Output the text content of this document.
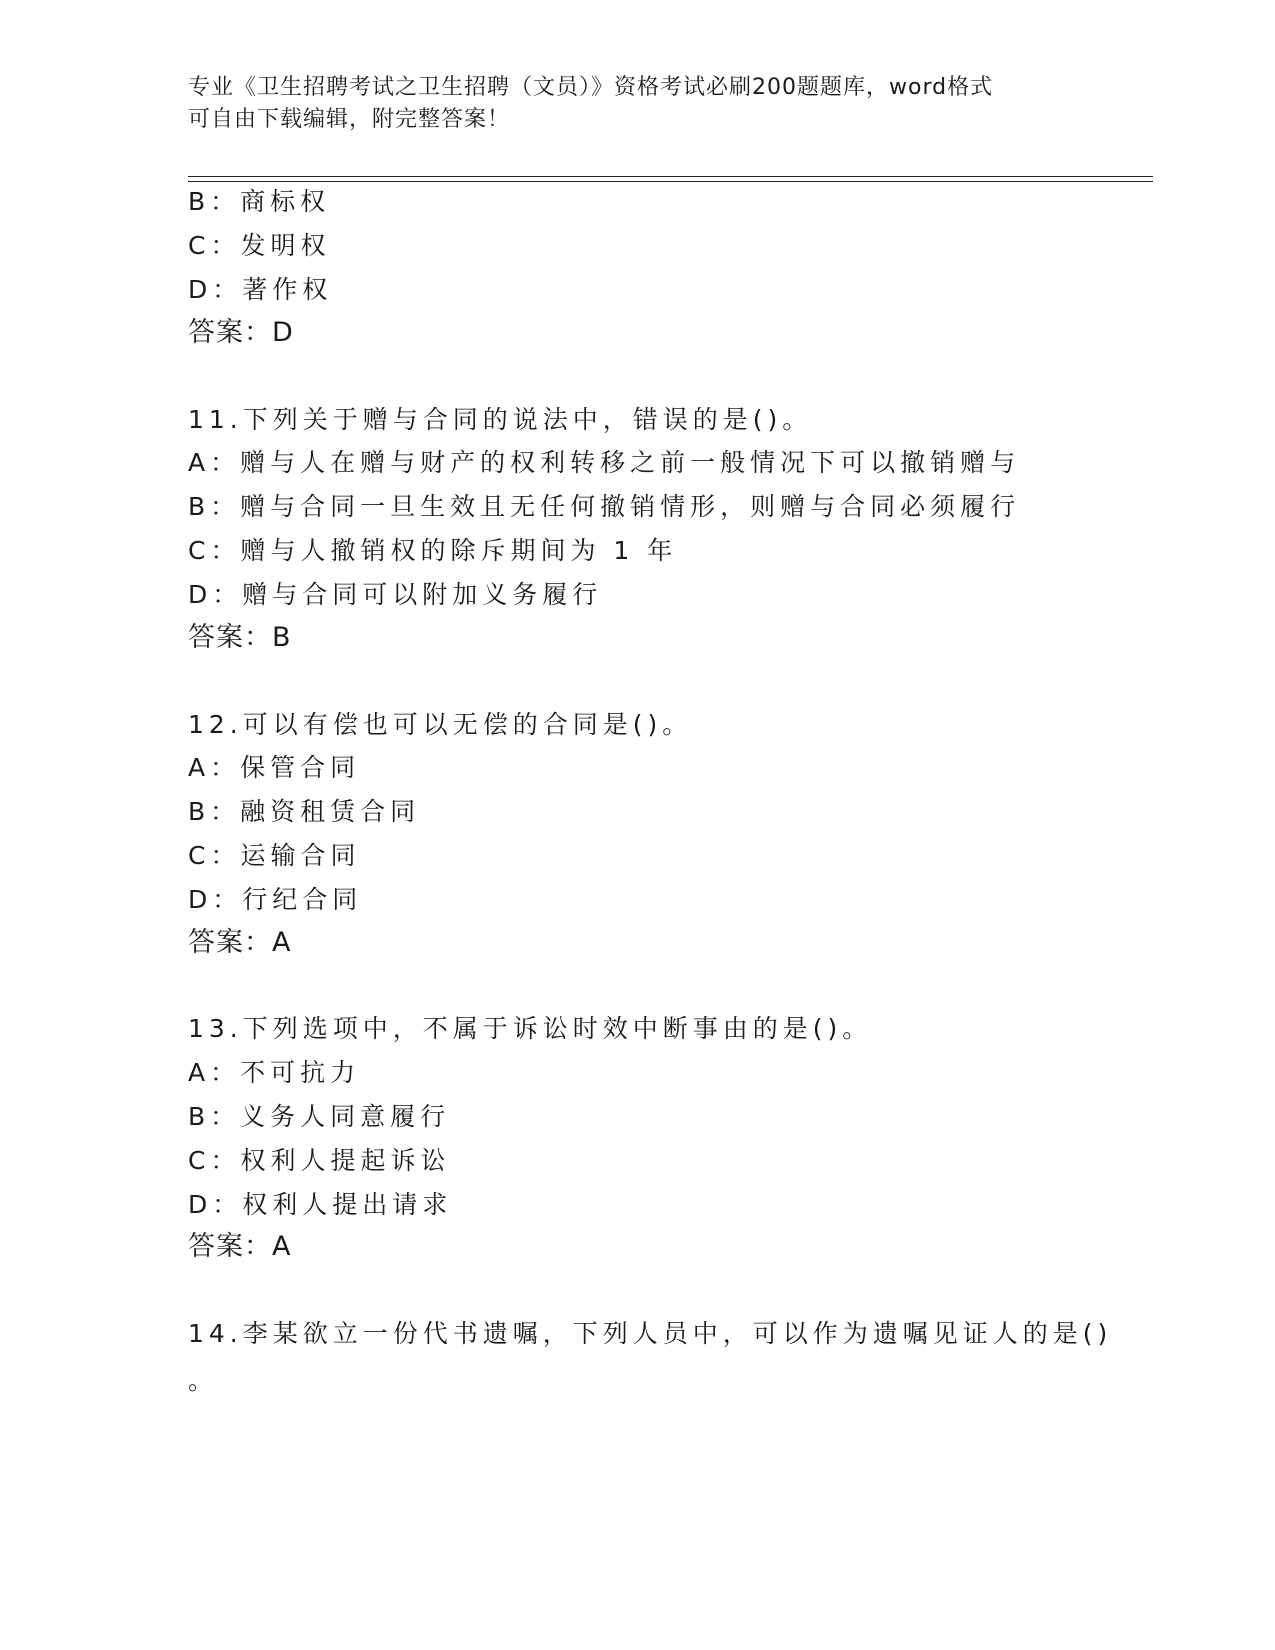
专业《卫生招聘考试之卫生招聘（文员）》资格考试必刷200题题库，word格式
可自由下载编辑，附完整答案！
B：商标权
C：发明权
D：著作权
答案：D
11.下列关于赠与合同的说法中，错误的是()。
A：赠与人在赠与财产的权利转移之前一般情况下可以撤销赠与
B：赠与合同一旦生效且无任何撤销情形，则赠与合同必须履行
C：赠与人撤销权的除斥期间为 1 年
D：赠与合同可以附加义务履行
答案：B
12.可以有偿也可以无偿的合同是()。
A：保管合同
B：融资租赁合同
C：运输合同
D：行纪合同
答案：A
13.下列选项中，不属于诉讼时效中断事由的是()。
A：不可抗力
B：义务人同意履行
C：权利人提起诉讼
D：权利人提出请求
答案：A
14.李某欲立一份代书遗嘱，下列人员中，可以作为遗嘱见证人的是()
。
